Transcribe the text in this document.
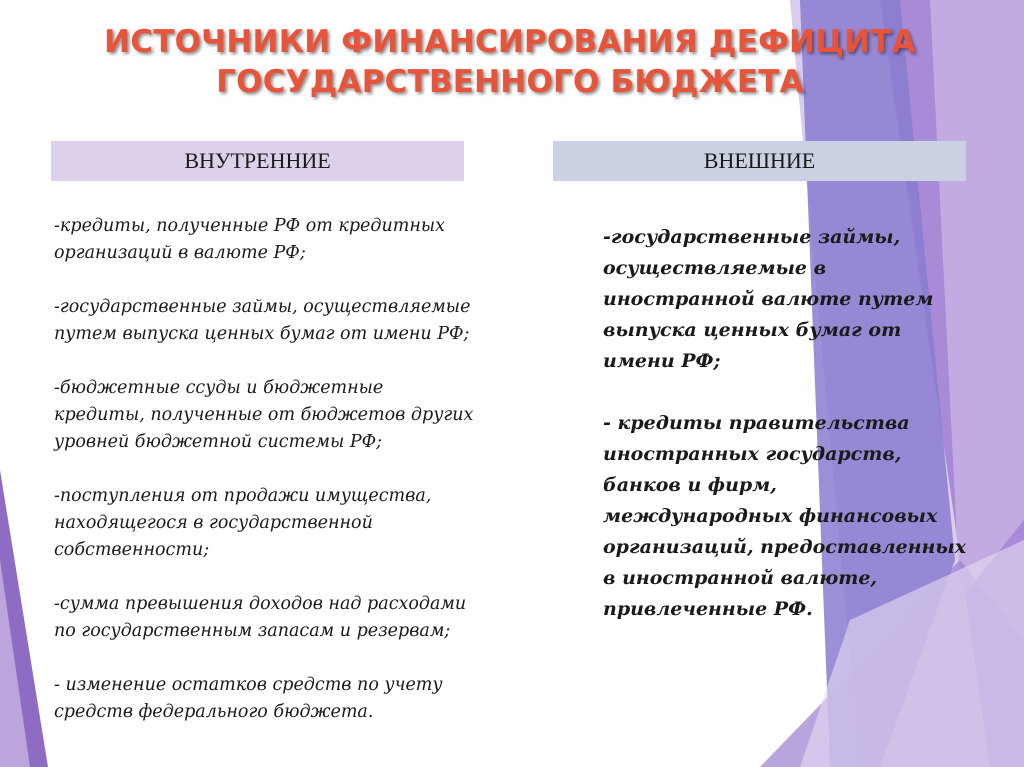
ИСТОЧНИКИ ФИНАНСИРОВАНИЯ ДЕФИЦИТА
ГОСУДАРСТВЕННОГО БЮДЖЕТА
ВНУТРЕННИЕ	ВНЕШНИЕ
-кредиты, полученные РФ от кредитных
организаций в валюте РФ;
-государственные займы, осуществляемые
путем выпуска ценных бумаг от имени РФ;
-бюджетные ссуды и бюджетные
кредиты, полученные от бюджетов других
уровней бюджетной системы РФ;
-поступления от продажи имущества,
находящегося в государственной
собственности;
-сумма превышения доходов над расходами
по государственным запасам и резервам;
- изменение остатков средств по учету
средств федерального бюджета.
-государственные займы,
осуществляемые в
иностранной валюте путем
выпуска ценных бумаг от
имени РФ;
- кредиты правительства
иностранных государств,
банков и фирм,
международных финансовых
организаций, предоставленных
в иностранной валюте,
привлеченные РФ.
